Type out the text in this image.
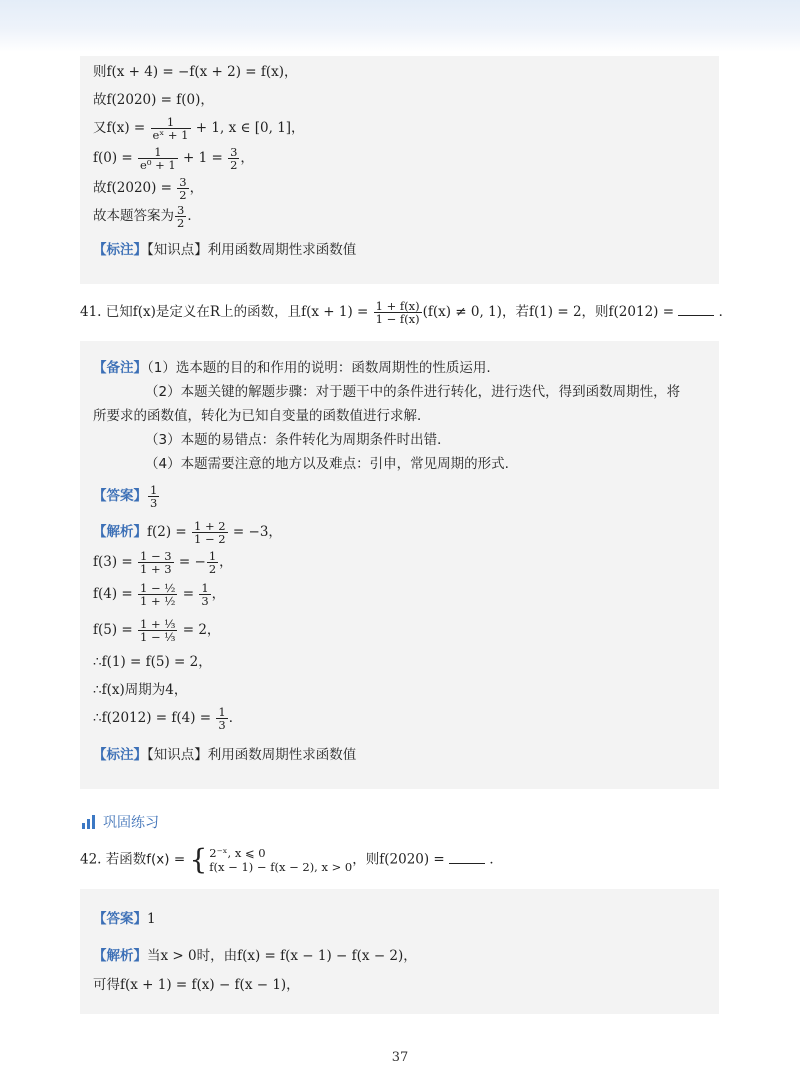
则f(x + 4) = −f(x + 2) = f(x)，
故f(2020) = f(0)，
又$f(x) = \frac{1}{\text{eˣ + 1}} + 1$, x ∈ [0, 1]，
$f(0) = \frac{1}{\text{e⁰ + 1}} + 1 = \frac{3}{2}$ ，
故$f(2020) = \frac{3}{2}$ ，
故本题答案为 $\frac{3}{2}$ ．
【标注】【知识点】利用函数周期性求函数值
41. 已知f(x)是定义在R上的函数，且$f(x + 1) = \frac{1 + f(x)}{1 - f(x)} (f(x) \ne 0$, 1)，若f(1) = 2，则f(2012) =	．
【备注】（1）选本题的目的和作用的说明：函数周期性的性质运用.
（2）本题关键的解题步骤：对于题干中的条件进行转化，进行迭代，得到函数周期性，将
所要求的函数值，转化为已知自变量的函数值进行求解．
（3）本题的易错点：条件转化为周期条件时出错．
（4）本题需要注意的地方以及难点：引申，常见周期的形式.
【答案】 $\frac{1}{3}$
【解析】$f(2) = \frac{1 + 2}{1 - 2} = -3$，
$f(3) = \frac{1 - 3}{1 + 3}$ = − $\frac{1}{2}$ ，
$f(4) = \frac{\text{1 − ½}}{\text{1 + ½}} = \frac{1}{3}$ ，
$f(5) = \frac{\text{1 + ⅓}}{\text{1 − ⅓}} = 2$，
∴f(1) = f(5) = 2，
∴f(x)周期为4，
∴f(2012) = $f(4) = \frac{1}{3}$ ．
【标注】【知识点】利用函数周期性求函数值
巩固练习
42. 若函数f(x) = { 2⁻ˣ, x ⩽ 0
f(x − 1) − f(x − 2), x > 0 ，则f(2020) =	．
【答案】1
【解析】当x > 0时，由f(x) = f(x − 1) − f(x − 2)，
可得f(x + 1) = f(x) − f(x − 1)，
37
